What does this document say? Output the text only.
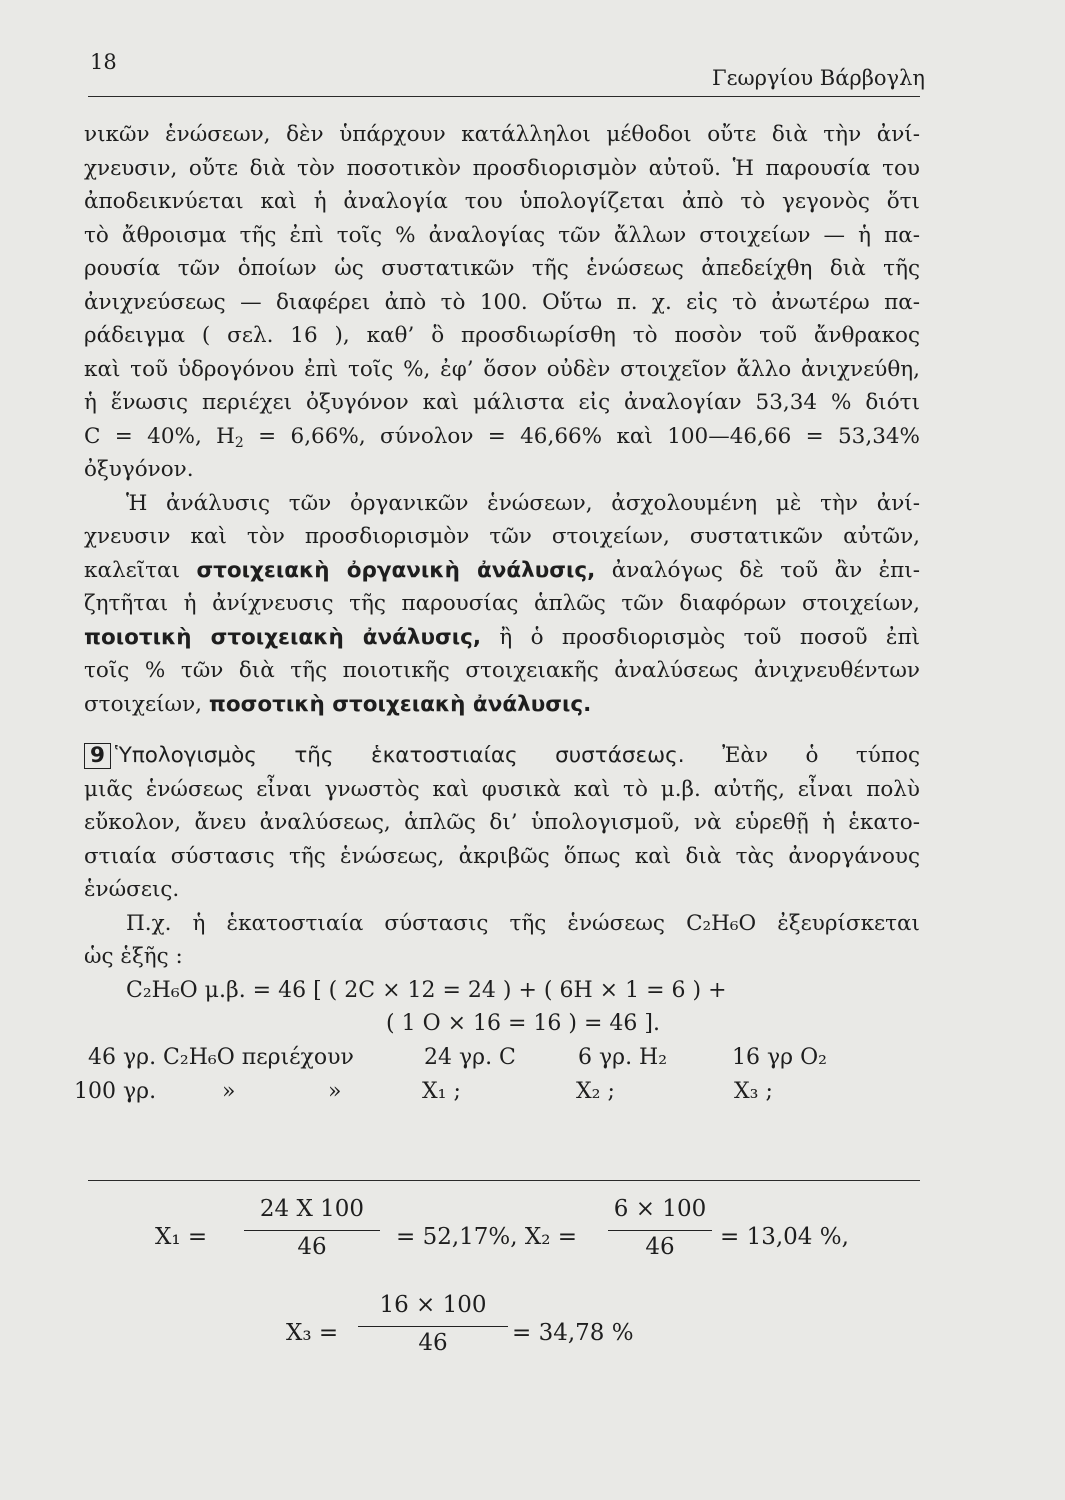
18
Γεωργίου Βάρβογλη
νικῶν ἑνώσεων, δὲν ὑπάρχουν κατάλληλοι μέθοδοι οὔτε διὰ τὴν ἀνί-
χνευσιν, οὔτε διὰ τὸν ποσοτικὸν προσδιορισμὸν αὐτοῦ. Ἡ παρουσία του
ἀποδεικνύεται καὶ ἡ ἀναλογία του ὑπολογίζεται ἀπὸ τὸ γεγονὸς ὅτι
τὸ ἄθροισμα τῆς ἐπὶ τοῖς % ἀναλογίας τῶν ἄλλων στοιχείων — ἡ πα-
ρουσία τῶν ὁποίων ὡς συστατικῶν τῆς ἑνώσεως ἀπεδείχθη διὰ τῆς
ἀνιχνεύσεως — διαφέρει ἀπὸ τὸ 100. Οὕτω π. χ. εἰς τὸ ἀνωτέρω πα-
ράδειγμα ( σελ. 16 ), καθ’ ὃ προσδιωρίσθη τὸ ποσὸν τοῦ ἄνθρακος
καὶ τοῦ ὑδρογόνου ἐπὶ τοῖς %, ἐφ’ ὅσον οὐδὲν στοιχεῖον ἄλλο ἀνιχνεύθη,
ἡ ἕνωσις περιέχει ὀξυγόνον καὶ μάλιστα εἰς ἀναλογίαν 53,34 % διότι
C = 40%, $H_2 = 6,66\%$, σύνολον = 46,66% καὶ 100—46,66 = 53,34%
ὀξυγόνον.
Ἡ ἀνάλυσις τῶν ὀργανικῶν ἑνώσεων, ἀσχολουμένη μὲ τὴν ἀνί-
χνευσιν καὶ τὸν προσδιορισμὸν τῶν στοιχείων, συστατικῶν αὐτῶν,
καλεῖται στοιχειακὴ ὀργανικὴ ἀνάλυσις, ἀναλόγως δὲ τοῦ ἂν ἐπι-
ζητῆται ἡ ἀνίχνευσις τῆς παρουσίας ἁπλῶς τῶν διαφόρων στοιχείων,
ποιοτικὴ στοιχειακὴ ἀνάλυσις, ἢ ὁ προσδιορισμὸς τοῦ ποσοῦ ἐπὶ
τοῖς % τῶν διὰ τῆς ποιοτικῆς στοιχειακῆς ἀναλύσεως ἀνιχνευθέντων
στοιχείων, ποσοτικὴ στοιχειακὴ ἀνάλυσις.
9 Ὑπολογισμὸς τῆς ἑκατοστιαίας συστάσεως. Ἐὰν ὁ τύπος
μιᾶς ἑνώσεως εἶναι γνωστὸς καὶ φυσικὰ καὶ τὸ μ.β. αὐτῆς, εἶναι πολὺ
εὔκολον, ἄνευ ἀναλύσεως, ἁπλῶς δι’ ὑπολογισμοῦ, νὰ εὑρεθῇ ἡ ἑκατο-
στιαία σύστασις τῆς ἑνώσεως, ἀκριβῶς ὅπως καὶ διὰ τὰς ἀνοργάνους
ἑνώσεις.
Π.χ. ἡ ἑκατοστιαία σύστασις τῆς ἑνώσεως C₂H₆O ἐξευρίσκεται
ὡς ἑξῆς :
C₂H₆O μ.β. = 46 [ ( 2C × 12 = 24 ) + ( 6H × 1 = 6 ) +
( 1 O × 16 = 16 ) = 46 ].
46 γρ. C₂H₆O περιέχουν	24 γρ. C	6 γρ. H₂	16 γρ O₂
100 γρ.	»	»	X₁ ;	X₂ ;	X₃ ;
X₁ =
24 X 100
46	= 52,17%, X₂ =
6 × 100
46	= 13,04 %,
X₃ =
16 × 100
46	= 34,78 %
